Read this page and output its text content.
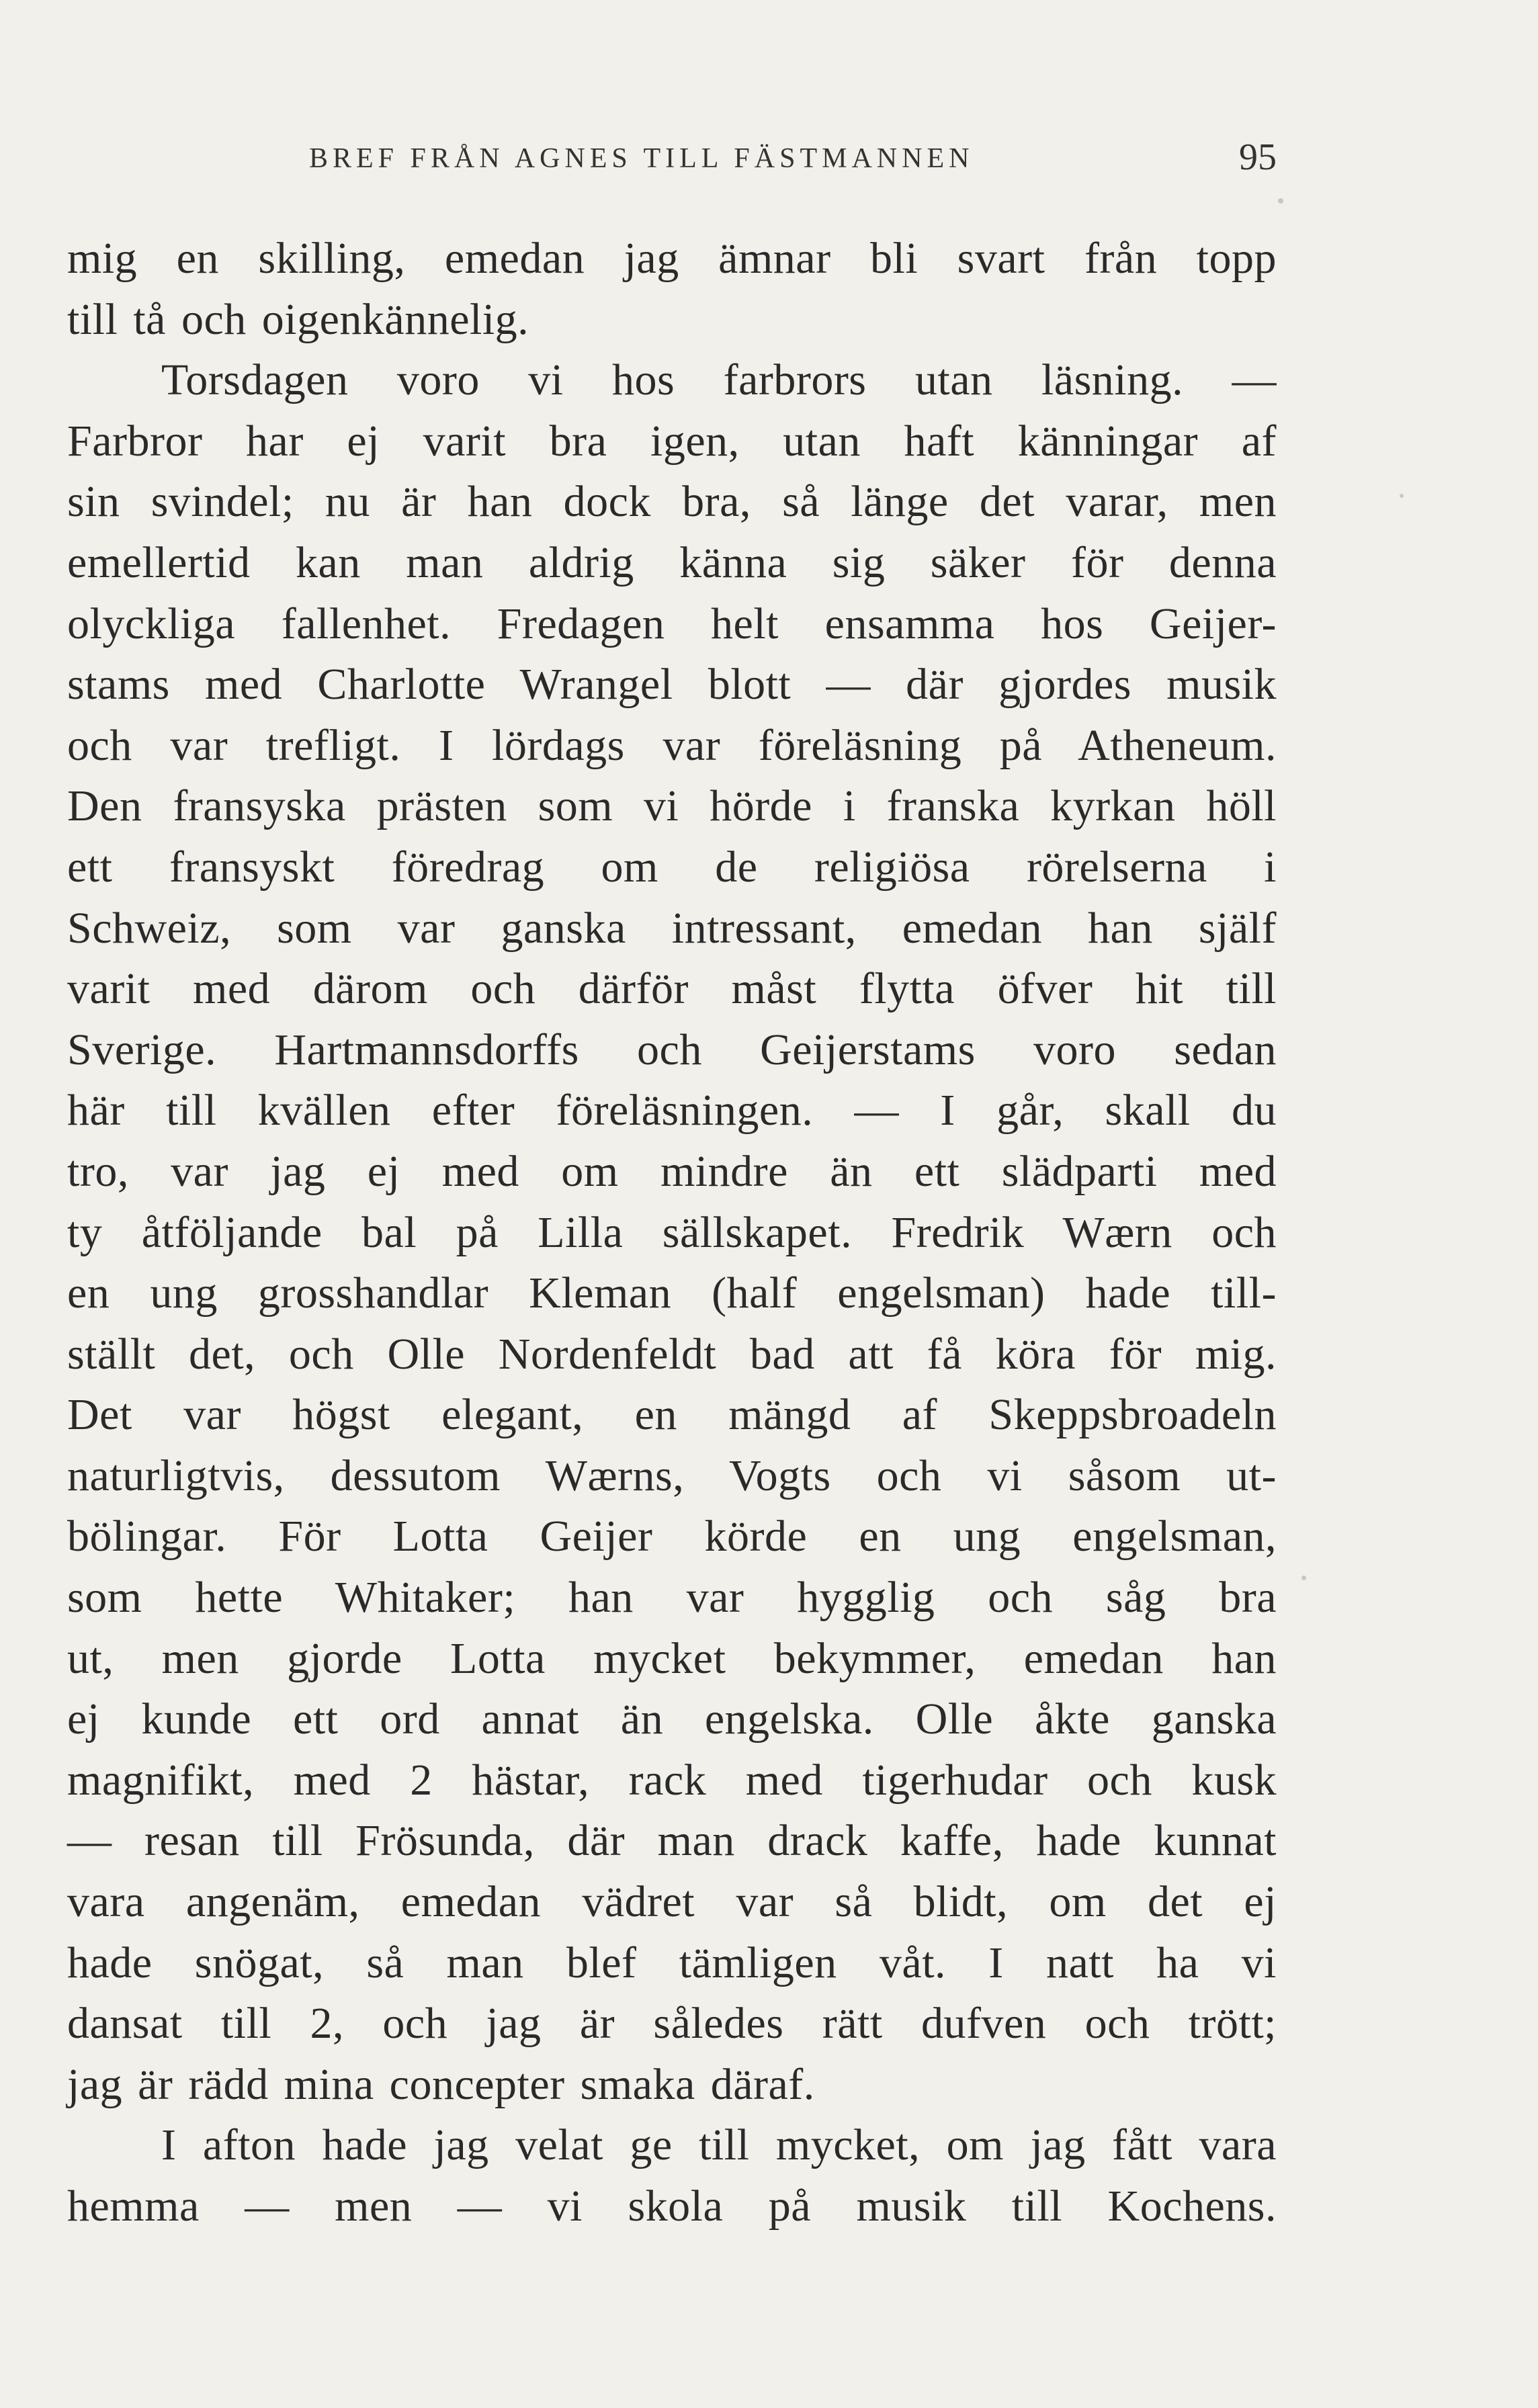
BREF FRÅN AGNES TILL FÄSTMANNEN	95
mig en skilling, emedan jag ämnar bli svart från topp
till tå och oigenkännelig.
Torsdagen voro vi hos farbrors utan läsning. —
Farbror har ej varit bra igen, utan haft känningar af
sin svindel; nu är han dock bra, så länge det varar, men
emellertid kan man aldrig känna sig säker för denna
olyckliga fallenhet. Fredagen helt ensamma hos Geijer-
stams med Charlotte Wrangel blott — där gjordes musik
och var trefligt. I lördags var föreläsning på Atheneum.
Den fransyska prästen som vi hörde i franska kyrkan höll
ett fransyskt föredrag om de religiösa rörelserna i
Schweiz, som var ganska intressant, emedan han själf
varit med därom och därför måst flytta öfver hit till
Sverige. Hartmannsdorffs och Geijerstams voro sedan
här till kvällen efter föreläsningen. — I går, skall du
tro, var jag ej med om mindre än ett slädparti med
ty åtföljande bal på Lilla sällskapet. Fredrik Wærn och
en ung grosshandlar Kleman (half engelsman) hade till-
ställt det, och Olle Nordenfeldt bad att få köra för mig.
Det var högst elegant, en mängd af Skeppsbroadeln
naturligtvis, dessutom Wærns, Vogts och vi såsom ut-
bölingar. För Lotta Geijer körde en ung engelsman,
som hette Whitaker; han var hygglig och såg bra
ut, men gjorde Lotta mycket bekymmer, emedan han
ej kunde ett ord annat än engelska. Olle åkte ganska
magnifikt, med 2 hästar, rack med tigerhudar och kusk
— resan till Frösunda, där man drack kaffe, hade kunnat
vara angenäm, emedan vädret var så blidt, om det ej
hade snögat, så man blef tämligen våt. I natt ha vi
dansat till 2, och jag är således rätt dufven och trött;
jag är rädd mina concepter smaka däraf.
I afton hade jag velat ge till mycket, om jag fått vara
hemma — men — vi skola på musik till Kochens.
